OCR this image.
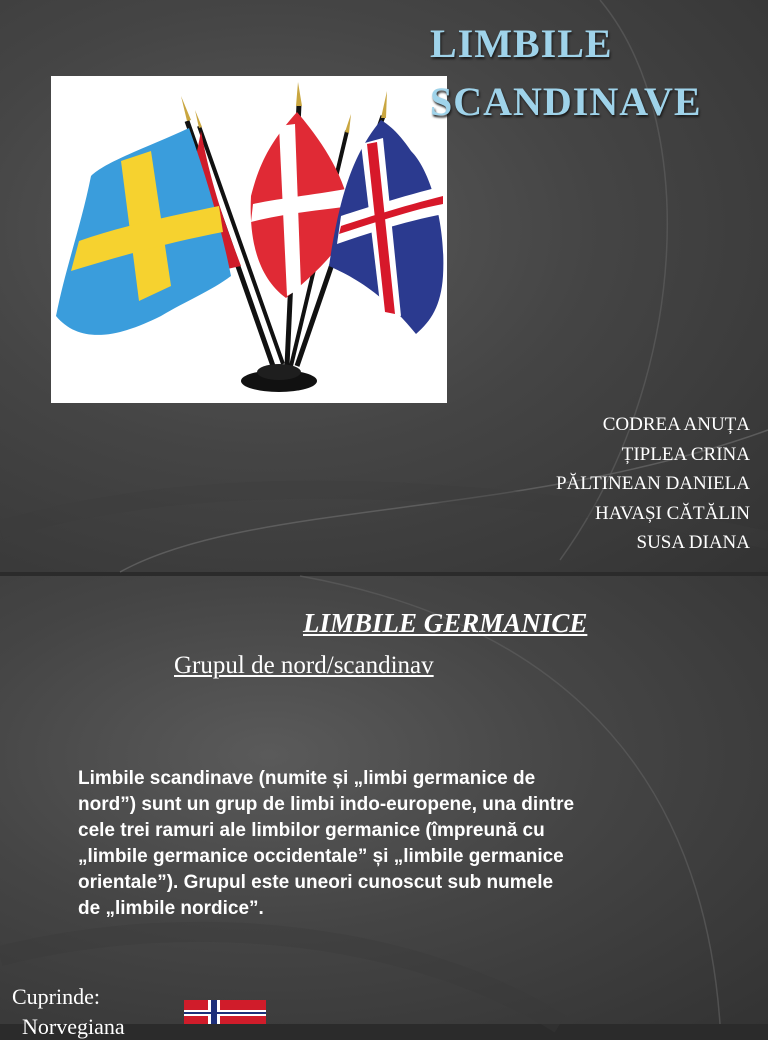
LIMBILE
SCANDINAVE
CODREA ANUȚA
ȚIPLEA CRINA
PĂLTINEAN DANIELA
HAVAȘI CĂTĂLIN
SUSA DIANA
LIMBILE GERMANICE
Grupul de nord/scandinav
Limbile scandinave (numite și „limbi germanice de nord”) sunt un grup de limbi indo-europene, una dintre cele trei ramuri ale limbilor germanice (împreună cu „limbile germanice occidentale” și „limbile germanice orientale”). Grupul este uneori cunoscut sub numele de „limbile nordice”.
Cuprinde:
Norvegiana
